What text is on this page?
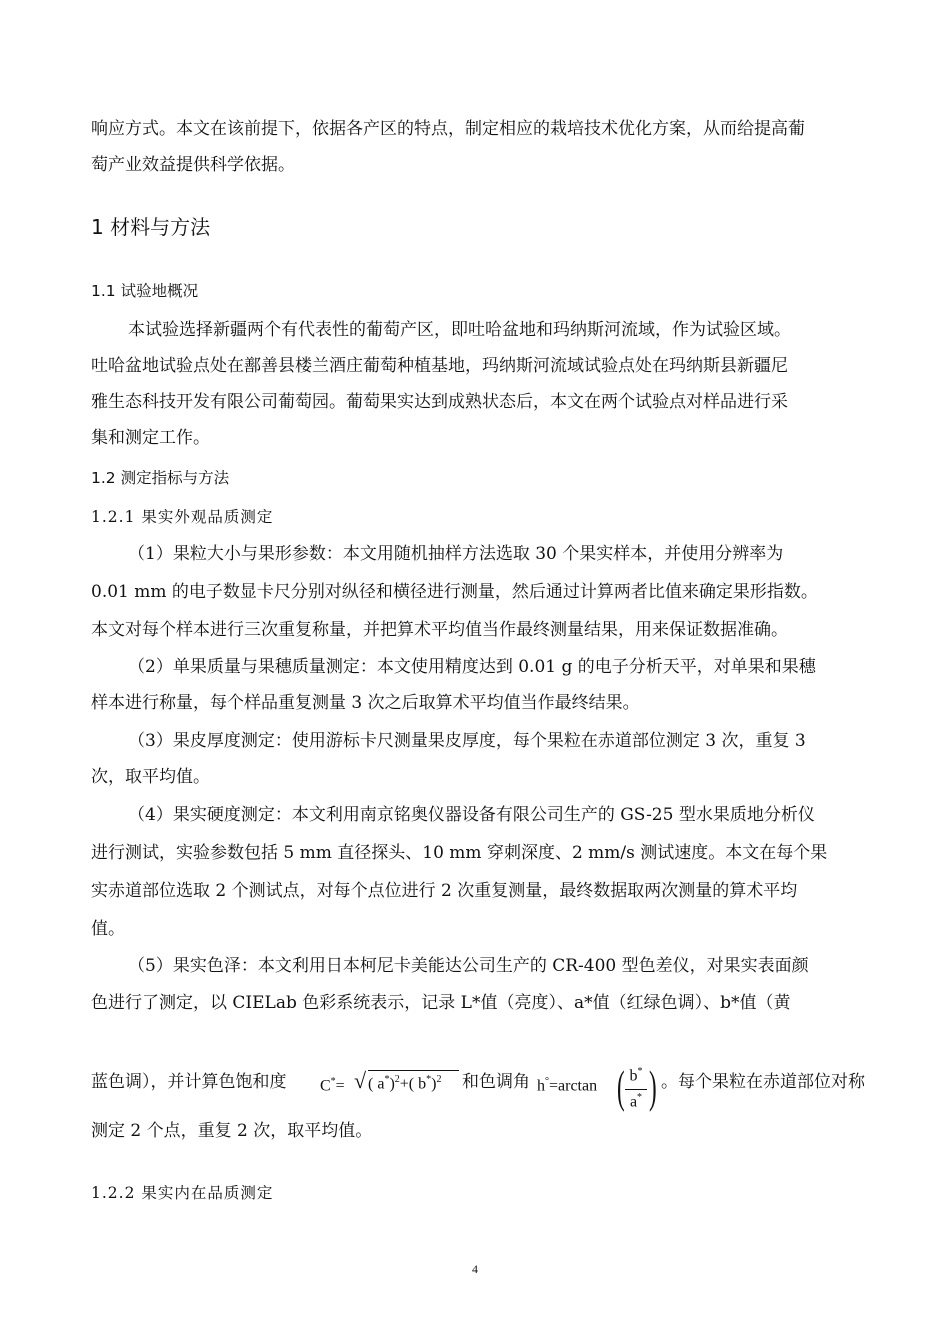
响应方式。本文在该前提下，依据各产区的特点，制定相应的栽培技术优化方案，从而给提高葡
萄产业效益提供科学依据。
1 材料与方法
1.1 试验地概况
本试验选择新疆两个有代表性的葡萄产区，即吐哈盆地和玛纳斯河流域，作为试验区域。
吐哈盆地试验点处在鄯善县楼兰酒庄葡萄种植基地，玛纳斯河流域试验点处在玛纳斯县新疆尼
雅生态科技开发有限公司葡萄园。葡萄果实达到成熟状态后，本文在两个试验点对样品进行采
集和测定工作。
1.2 测定指标与方法
1.2.1 果实外观品质测定
（1）果粒大小与果形参数：本文用随机抽样方法选取 30 个果实样本，并使用分辨率为
0.01 mm 的电子数显卡尺分别对纵径和横径进行测量，然后通过计算两者比值来确定果形指数。
本文对每个样本进行三次重复称量，并把算术平均值当作最终测量结果，用来保证数据准确。
（2）单果质量与果穗质量测定：本文使用精度达到 0.01 g 的电子分析天平，对单果和果穗
样本进行称量，每个样品重复测量 3 次之后取算术平均值当作最终结果。
（3）果皮厚度测定：使用游标卡尺测量果皮厚度，每个果粒在赤道部位测定 3 次，重复 3
次，取平均值。
（4）果实硬度测定：本文利用南京铭奥仪器设备有限公司生产的 GS-25 型水果质地分析仪
进行测试，实验参数包括 5 mm 直径探头、10 mm 穿刺深度、2 mm/s 测试速度。本文在每个果
实赤道部位选取 2 个测试点，对每个点位进行 2 次重复测量，最终数据取两次测量的算术平均
值。
（5）果实色泽：本文利用日本柯尼卡美能达公司生产的 CR-400 型色差仪，对果实表面颜
色进行了测定，以 CIELab 色彩系统表示，记录 L*值（亮度）、a*值（红绿色调）、b*值（黄
蓝色调），并计算色饱和度 C*= √ ( a*)$^2$+( b*)$^2$ 和色调角 h°=arctan ( b*
a* ) 。每个果粒在赤道部位对称
测定 2 个点，重复 2 次，取平均值。
1.2.2 果实内在品质测定
4
